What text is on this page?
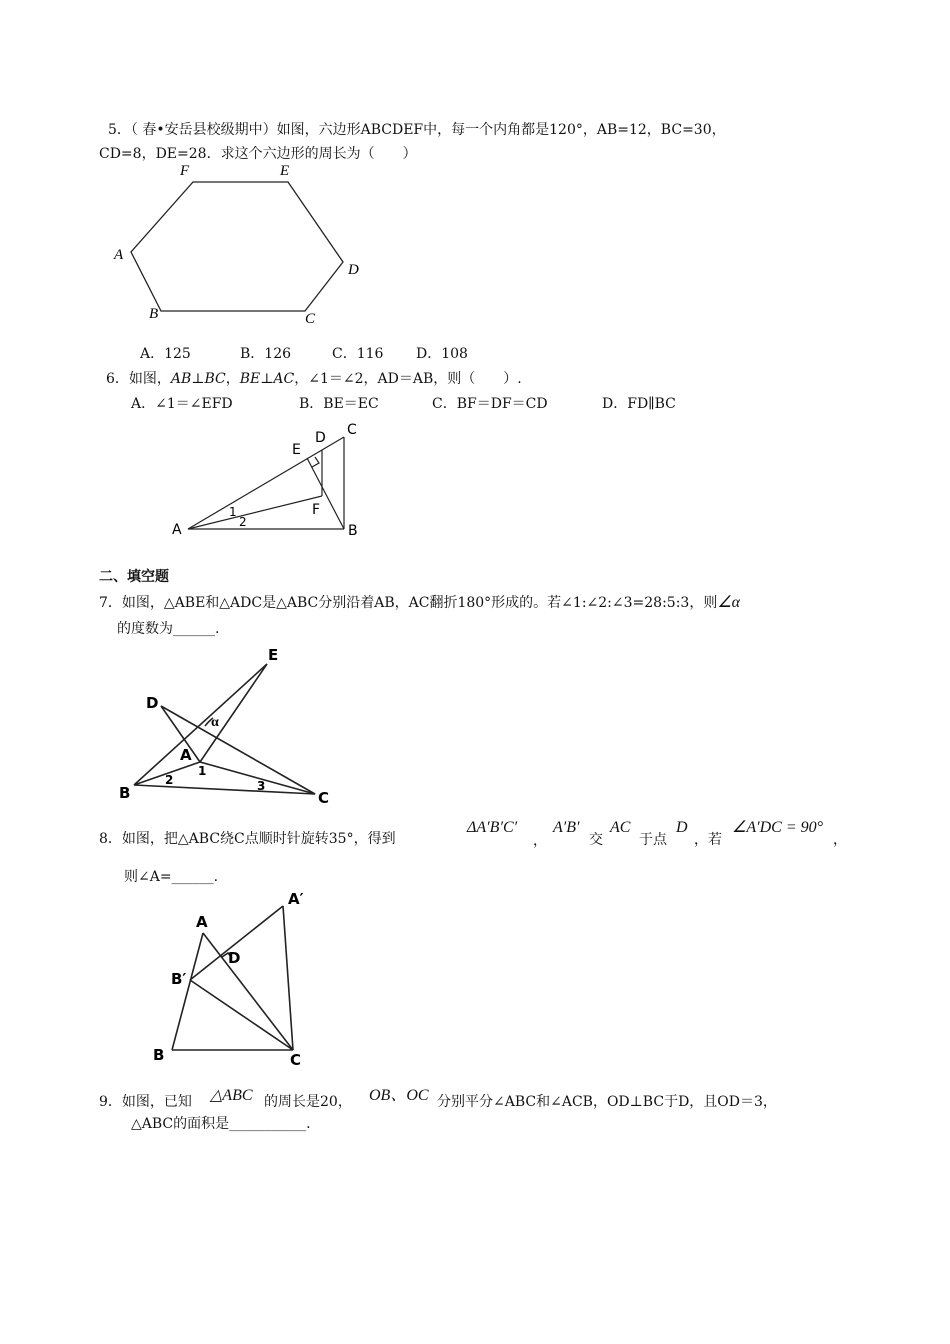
5．（ 春•安岳县校级期中）如图，六边形ABCDEF中，每一个内角都是120°，AB=12，BC=30，
CD=8，DE=28．求这个六边形的周长为（　　）
F	E
A
D
B	C
A．125	B．126	C．116 D．108
6．如图，AB⊥BC，BE⊥AC，∠1＝∠2，AD＝AB，则（　　）.
A．∠1＝∠EFD	B．BE＝EC	C．BF＝DF＝CD	D．FD∥BC
A	B
C
D
E
F
1
2
二、填空题
7．如图，△ABE和△ADC是△ABC分别沿着AB，AC翻折180°形成的。若∠1:∠2:∠3=28:5:3，则∠α
的度数为______.
B	C
D
E
A
1
2	3
α
8．如图，把△ABC绕C点顺时针旋转35°，得到
ΔA′B′C′
，
A′B′
交
AC
于点
D
，若
∠A′DC = 90°
，
则∠A=______.
A
A′
B′
D
B	C
9．如图，已知 △ABC 的周长是20， OB、OC 分别平分∠ABC和∠ACB，OD⊥BC于D，且OD＝3，
△ABC的面积是___________.
